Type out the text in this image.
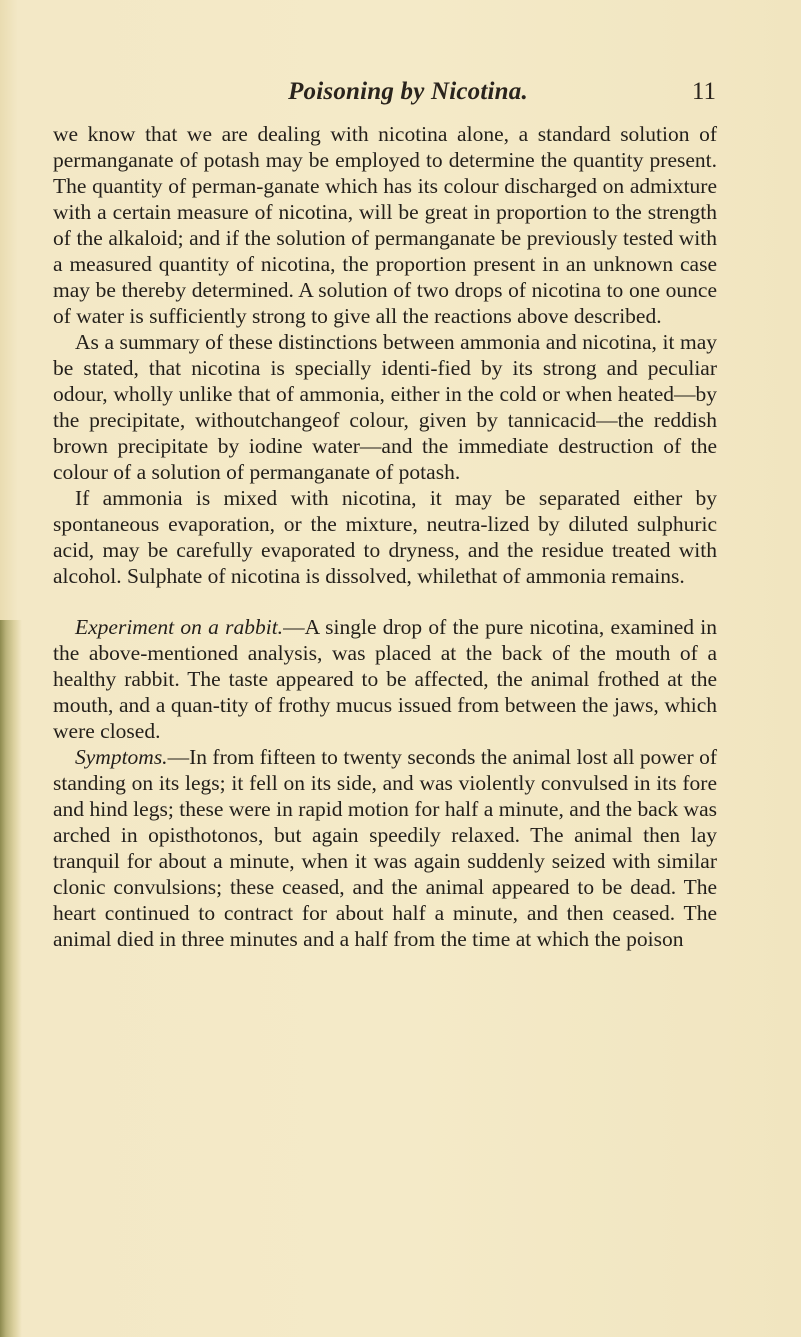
Poisoning by Nicotina.	11

we know that we are dealing with nicotina alone, a standard solution of permanganate of potash may be employed to determine the quantity present. The quantity of perman-ganate which has its colour discharged on admixture with a certain measure of nicotina, will be great in proportion to the strength of the alkaloid; and if the solution of permanganate be previously tested with a measured quantity of nicotina, the proportion present in an unknown case may be thereby determined. A solution of two drops of nicotina to one ounce of water is sufficiently strong to give all the reactions above described.

As a summary of these distinctions between ammonia and nicotina, it may be stated, that nicotina is specially identi-fied by its strong and peculiar odour, wholly unlike that of ammonia, either in the cold or when heated—by the precipitate, withoutchangeof colour, given by tannicacid—the reddish brown precipitate by iodine water—and the immediate destruction of the colour of a solution of permanganate of potash.

If ammonia is mixed with nicotina, it may be separated either by spontaneous evaporation, or the mixture, neutra-lized by diluted sulphuric acid, may be carefully evaporated to dryness, and the residue treated with alcohol. Sulphate of nicotina is dissolved, whilethat of ammonia remains.

Experiment on a rabbit.—A single drop of the pure nicotina, examined in the above-mentioned analysis, was placed at the back of the mouth of a healthy rabbit. The taste appeared to be affected, the animal frothed at the mouth, and a quan-tity of frothy mucus issued from between the jaws, which were closed.

Symptoms.—In from fifteen to twenty seconds the animal lost all power of standing on its legs; it fell on its side, and was violently convulsed in its fore and hind legs; these were in rapid motion for half a minute, and the back was arched in opisthotonos, but again speedily relaxed. The animal then lay tranquil for about a minute, when it was again suddenly seized with similar clonic convulsions; these ceased, and the animal appeared to be dead. The heart continued to contract for about half a minute, and then ceased. The animal died in three minutes and a half from the time at which the poison
